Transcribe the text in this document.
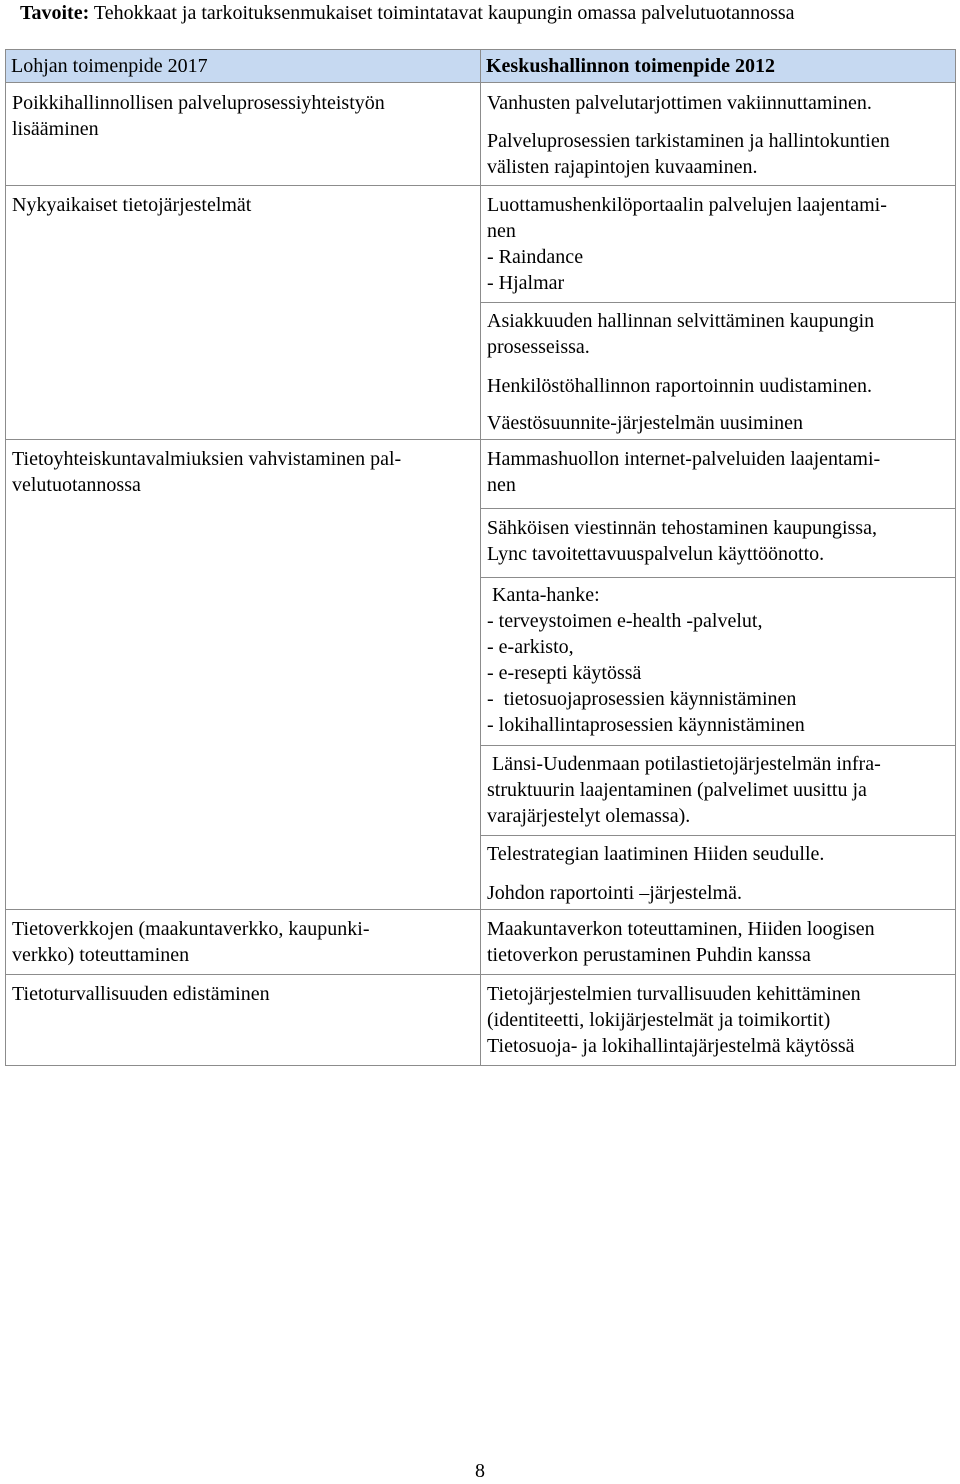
Tavoite: Tehokkaat ja tarkoituksenmukaiset toimintatavat kaupungin omassa palvelutuotannossa
Lohjan toimenpide 2017	Keskushallinnon toimenpide 2012
Poikkihallinnollisen palveluprosessiyhteistyön
lisääminen
Nykyaikaiset tietojärjestelmät
Tietoyhteiskuntavalmiuksien vahvistaminen pal-
velutuotannossa
Tietoverkkojen (maakuntaverkko, kaupunki-
verkko) toteuttaminen
Tietoturvallisuuden edistäminen
Vanhusten palvelutarjottimen vakiinnuttaminen.
Palveluprosessien tarkistaminen ja hallintokuntien
välisten rajapintojen kuvaaminen.
Luottamushenkilöportaalin palvelujen laajentami-
nen
- Raindance
- Hjalmar
Asiakkuuden hallinnan selvittäminen kaupungin
prosesseissa.
Henkilöstöhallinnon raportoinnin uudistaminen.
Väestösuunnite-järjestelmän uusiminen
Hammashuollon internet-palveluiden laajentami-
nen
Sähköisen viestinnän tehostaminen kaupungissa,
Lync tavoitettavuuspalvelun käyttöönotto.
Kanta-hanke:
- terveystoimen e-health -palvelut,
- e-arkisto,
- e-resepti käytössä
-  tietosuojaprosessien käynnistäminen
- lokihallintaprosessien käynnistäminen
Länsi-Uudenmaan potilastietojärjestelmän infra-
struktuurin laajentaminen (palvelimet uusittu ja
varajärjestelyt olemassa).
Telestrategian laatiminen Hiiden seudulle.
Johdon raportointi –järjestelmä.
Maakuntaverkon toteuttaminen, Hiiden loogisen
tietoverkon perustaminen Puhdin kanssa
Tietojärjestelmien turvallisuuden kehittäminen
(identiteetti, lokijärjestelmät ja toimikortit)
Tietosuoja- ja lokihallintajärjestelmä käytössä
8
